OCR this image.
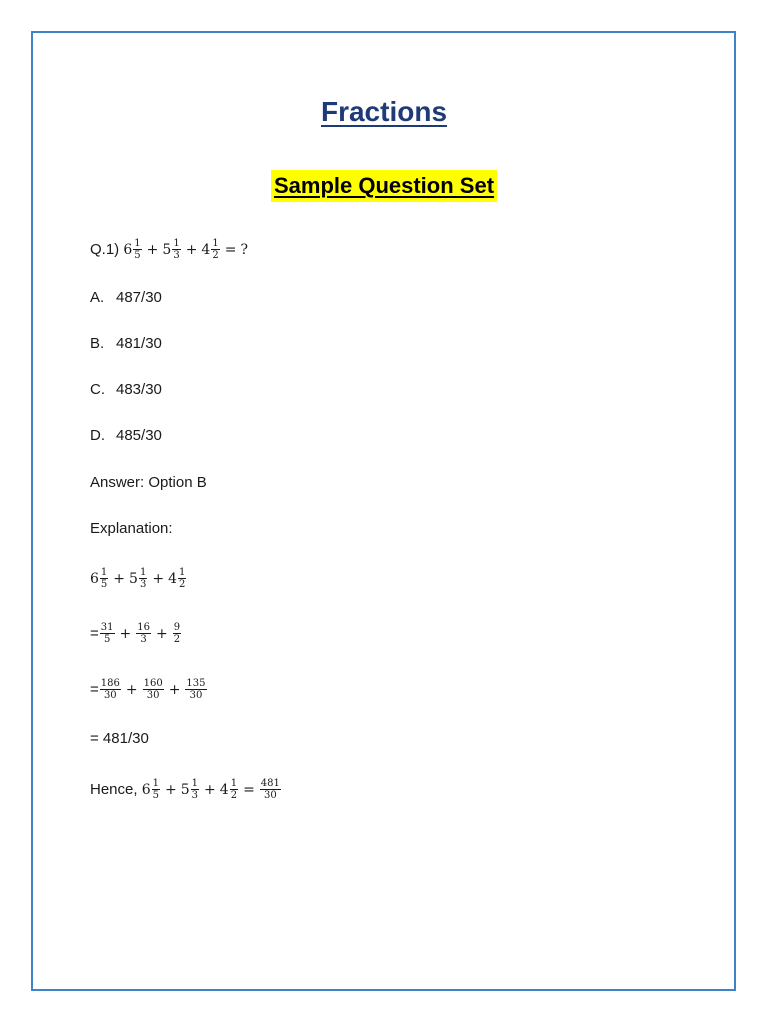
Fractions
Sample Question Set
Q.1)
$6 \frac{1}{5} + 5 \frac{1}{3} + 4 \frac{1}{2}$ = ?
A. 487/30
B. 481/30
C. 483/30
D. 485/30
Answer: Option B
Explanation:
$6 \frac{1}{5} + 5 \frac{1}{3} + 4 \frac{1}{2}$
= $\frac{31}{5} + \frac{16}{3} + \frac{9}{2}$
= $\frac{186}{30} + \frac{160}{30} + \frac{135}{30}$
= 481/30
Hence,
$6 \frac{1}{5} + 5 \frac{1}{3} + 4 \frac{1}{2} = \frac{481}{30}$
